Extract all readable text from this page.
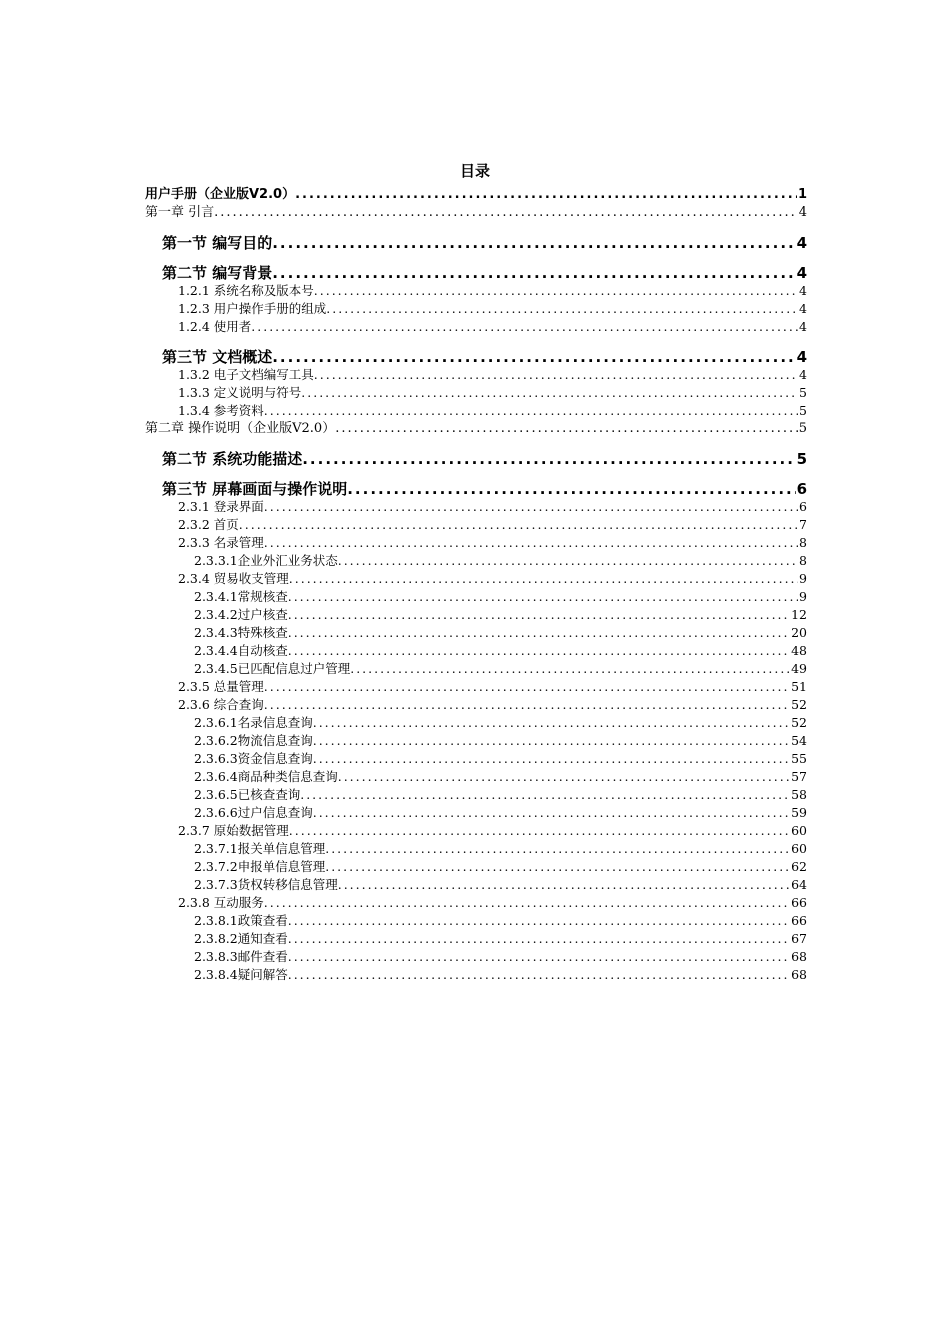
目录
用户手册（企业版V2.0） .....	1
第一章 引言 .....	4
第一节 编写目的 .....	4
第二节 编写背景 .....	4
1.2.1 系统名称及版本号 .....	4
1.2.3 用户操作手册的组成 .....	4
1.2.4 使用者 .....	4
第三节 文档概述 .....	4
1.3.2 电子文档编写工具 .....	4
1.3.3 定义说明与符号 .....	5
1.3.4 参考资料 .....	5
第二章 操作说明（企业版V2.0） .....	5
第二节 系统功能描述 .....	5
第三节 屏幕画面与操作说明 .....	6
2.3.1 登录界面 .....	6
2.3.2 首页 .....	7
2.3.3 名录管理 .....	8
2.3.3.1企业外汇业务状态 .....	8
2.3.4 贸易收支管理 .....	9
2.3.4.1常规核查 .....	9
2.3.4.2过户核查 .....	12
2.3.4.3特殊核查 .....	20
2.3.4.4自动核查 .....	48
2.3.4.5已匹配信息过户管理 .....	49
2.3.5 总量管理 .....	51
2.3.6 综合查询 .....	52
2.3.6.1名录信息查询 .....	52
2.3.6.2物流信息查询 .....	54
2.3.6.3资金信息查询 .....	55
2.3.6.4商品种类信息查询 .....	57
2.3.6.5已核查查询 .....	58
2.3.6.6过户信息查询 .....	59
2.3.7 原始数据管理 .....	60
2.3.7.1报关单信息管理 .....	60
2.3.7.2申报单信息管理 .....	62
2.3.7.3货权转移信息管理 .....	64
2.3.8 互动服务 .....	66
2.3.8.1政策查看 .....	66
2.3.8.2通知查看 .....	67
2.3.8.3邮件查看 .....	68
2.3.8.4疑问解答 .....	68
